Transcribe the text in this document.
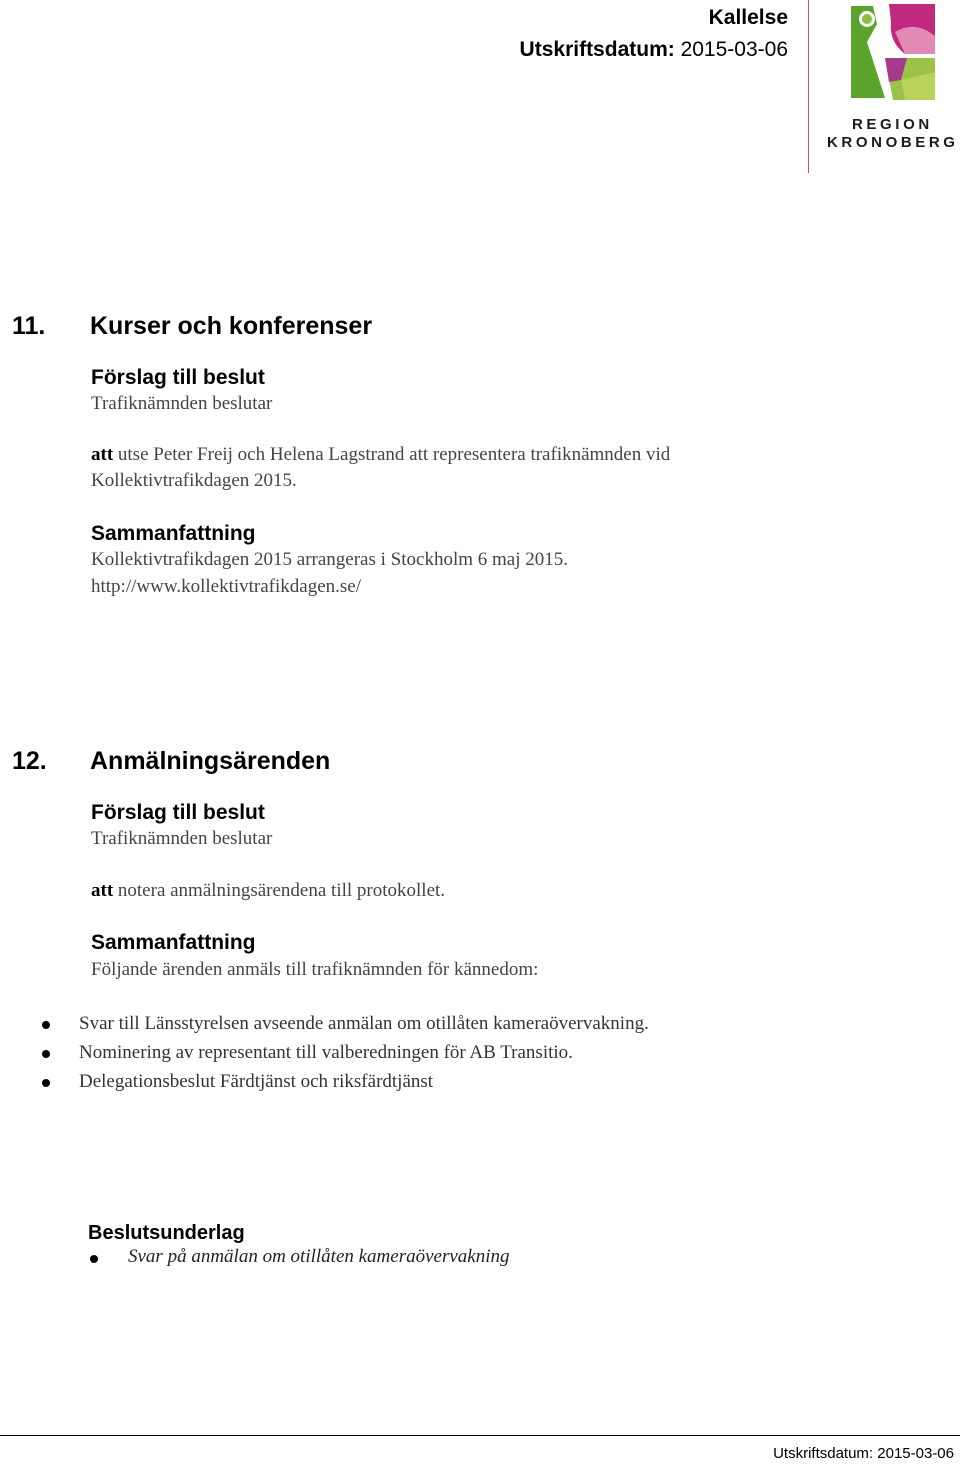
Kallelse
Utskriftsdatum: 2015-03-06
REGION
KRONOBERG
11. Kurser och konferenser
Förslag till beslut
Trafiknämnden beslutar
att utse Peter Freij och Helena Lagstrand att representera trafiknämnden vid Kollektivtrafikdagen 2015.
Sammanfattning
Kollektivtrafikdagen 2015 arrangeras i Stockholm 6 maj 2015.
http://www.kollektivtrafikdagen.se/
12. Anmälningsärenden
Förslag till beslut
Trafiknämnden beslutar
att notera anmälningsärendena till protokollet.
Sammanfattning
Följande ärenden anmäls till trafiknämnden för kännedom:
Svar till Länsstyrelsen avseende anmälan om otillåten kameraövervakning.
Nominering av representant till valberedningen för AB Transitio.
Delegationsbeslut Färdtjänst och riksfärdtjänst
Beslutsunderlag
Svar på anmälan om otillåten kameraövervakning
Utskriftsdatum: 2015-03-06
